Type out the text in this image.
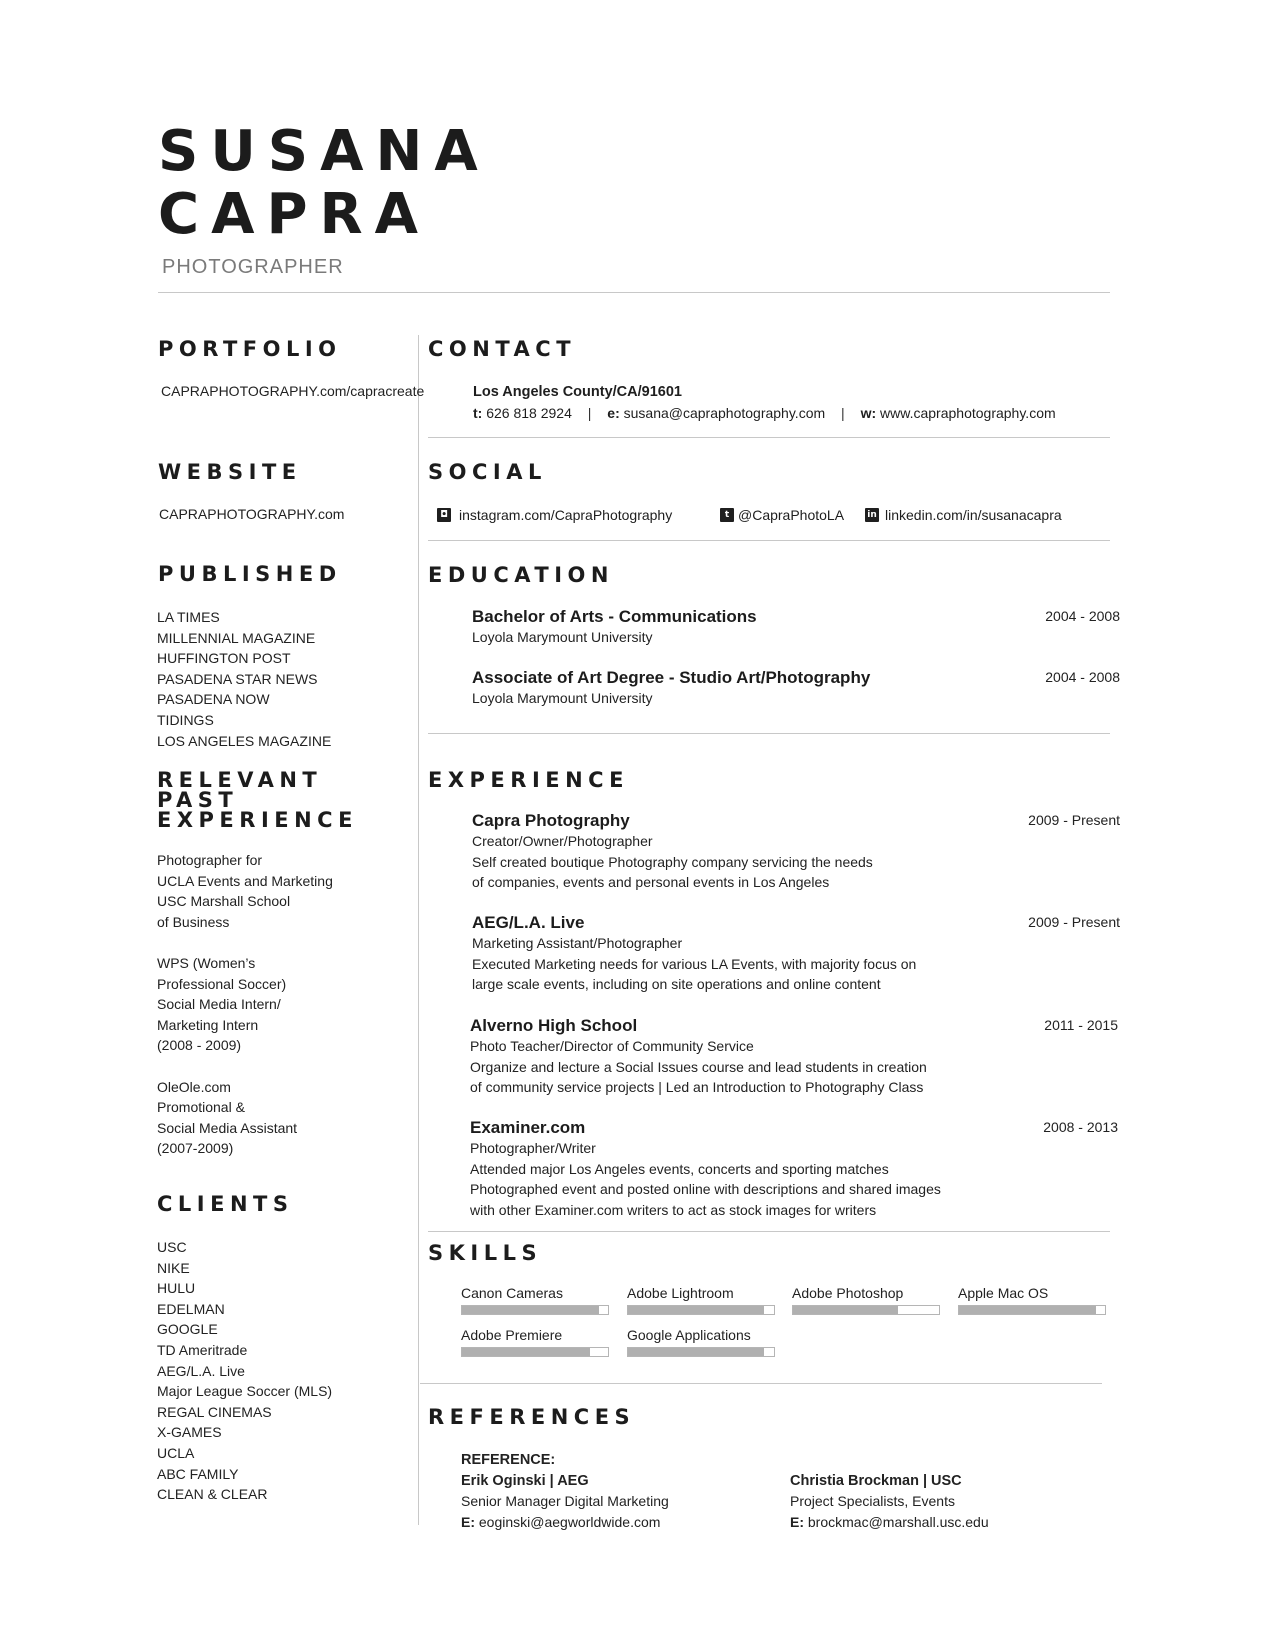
SUSANA
CAPRA

PHOTOGRAPHER

PORTFOLIO
CAPRAPHOTOGRAPHY.com/capracreate
WEBSITE
CAPRAPHOTOGRAPHY.com
PUBLISHED
LA TIMES
MILLENNIAL MAGAZINE
HUFFINGTON POST
PASADENA STAR NEWS
PASADENA NOW
TIDINGS
LOS ANGELES MAGAZINE
RELEVANT
PAST
EXPERIENCE

Photographer for
UCLA Events and Marketing
USC Marshall School
of Business

WPS (Women’s
Professional Soccer)
Social Media Intern/
Marketing Intern
(2008 - 2009)

OleOle.com
Promotional &
Social Media Assistant
(2007-2009)

CLIENTS
USC
NIKE
HULU
EDELMAN
GOOGLE
TD Ameritrade
AEG/L.A. Live
Major League Soccer (MLS)
REGAL CINEMAS
X-GAMES
UCLA
ABC FAMILY
CLEAN & CLEAR
CONTACT
Los Angeles County/CA/91601
t: 626 818 2924 | e: susana@capraphotography.com | w: www.capraphotography.com
SOCIAL
◘ instagram.com/CapraPhotography	t @CapraPhotoLA	in linkedin.com/in/susanacapra
EDUCATION
Bachelor of Arts - Communications
Loyola Marymount University
2004 - 2008
Associate of Art Degree - Studio Art/Photography
Loyola Marymount University
2004 - 2008
EXPERIENCE
Capra Photography
Creator/Owner/Photographer
Self created boutique Photography company servicing the needs
of companies, events and personal events in Los Angeles
2009 - Present
AEG/L.A. Live
Marketing Assistant/Photographer
Executed Marketing needs for various LA Events, with majority focus on
large scale events, including on site operations and online content
2009 - Present
Alverno High School
Photo Teacher/Director of Community Service
Organize and lecture a Social Issues course and lead students in creation
of community service projects | Led an Introduction to Photography Class
2011 - 2015
Examiner.com
Photographer/Writer
Attended major Los Angeles events, concerts and sporting matches
Photographed event and posted online with descriptions and shared images
with other Examiner.com writers to act as stock images for writers
2008 - 2013
SKILLS
Canon Cameras	Adobe Lightroom	Adobe Photoshop	Apple Mac OS
Adobe Premiere	Google Applications
REFERENCES
REFERENCE:
Erik Oginski | AEG
Senior Manager Digital Marketing
E: eoginski@aegworldwide.com
Christia Brockman | USC
Project Specialists, Events
E: brockmac@marshall.usc.edu
